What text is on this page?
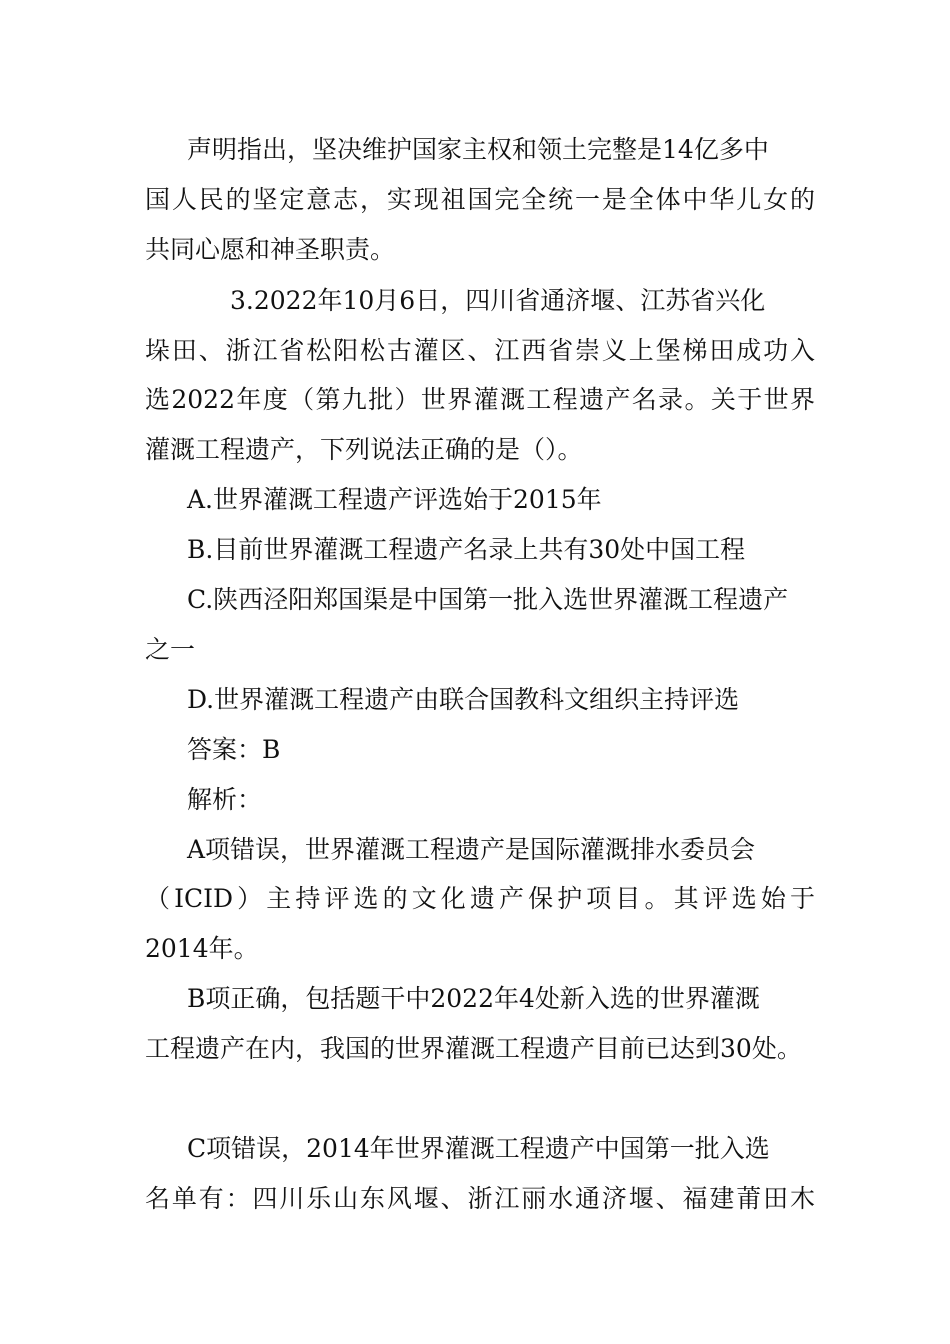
声明指出，坚决维护国家主权和领土完整是14亿多中
国人民的坚定意志，实现祖国完全统一是全体中华儿女的
共同心愿和神圣职责。
3.2022年10月6日，四川省通济堰、江苏省兴化
垛田、浙江省松阳松古灌区、江西省崇义上堡梯田成功入
选2022年度（第九批）世界灌溉工程遗产名录。关于世界
灌溉工程遗产，下列说法正确的是（）。
A.世界灌溉工程遗产评选始于2015年
B.目前世界灌溉工程遗产名录上共有30处中国工程
C.陕西泾阳郑国渠是中国第一批入选世界灌溉工程遗产
之一
D.世界灌溉工程遗产由联合国教科文组织主持评选
答案：B
解析：
A项错误，世界灌溉工程遗产是国际灌溉排水委员会
（ICID）主持评选的文化遗产保护项目。其评选始于
2014年。
B项正确，包括题干中2022年4处新入选的世界灌溉
工程遗产在内，我国的世界灌溉工程遗产目前已达到30处。
C项错误，2014年世界灌溉工程遗产中国第一批入选
名单有：四川乐山东风堰、浙江丽水通济堰、福建莆田木
